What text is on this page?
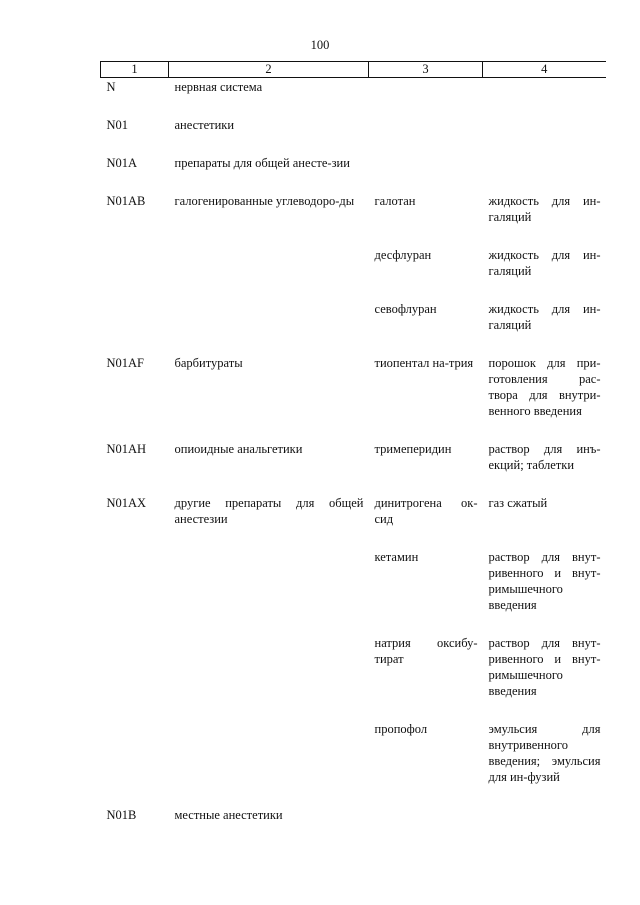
100
1	2	3	4
N	нервная система		
N01	анестетики		
N01A	препараты для общей анесте-зии		
N01AB	галогенированные углеводоро-ды	галотан	жидкость для ин-галяций
		десфлуран	жидкость для ин-галяций
		севофлуран	жидкость для ин-галяций
N01AF	барбитураты	тиопентал на-трия	порошок для при-готовления рас-твора для внутри-венного введения
N01AH	опиоидные анальгетики	тримеперидин	раствор для инъ-екций; таблетки
N01AX	другие препараты для общей анестезии	динитрогена ок-сид	газ сжатый
		кетамин	раствор для внут-ривенного и внут-римышечного введения
		натрия оксибу-тират	раствор для внут-ривенного и внут-римышечного введения
		пропофол	эмульсия для внутривенного введения; эмульсия для ин-фузий
N01B	местные анестетики		
